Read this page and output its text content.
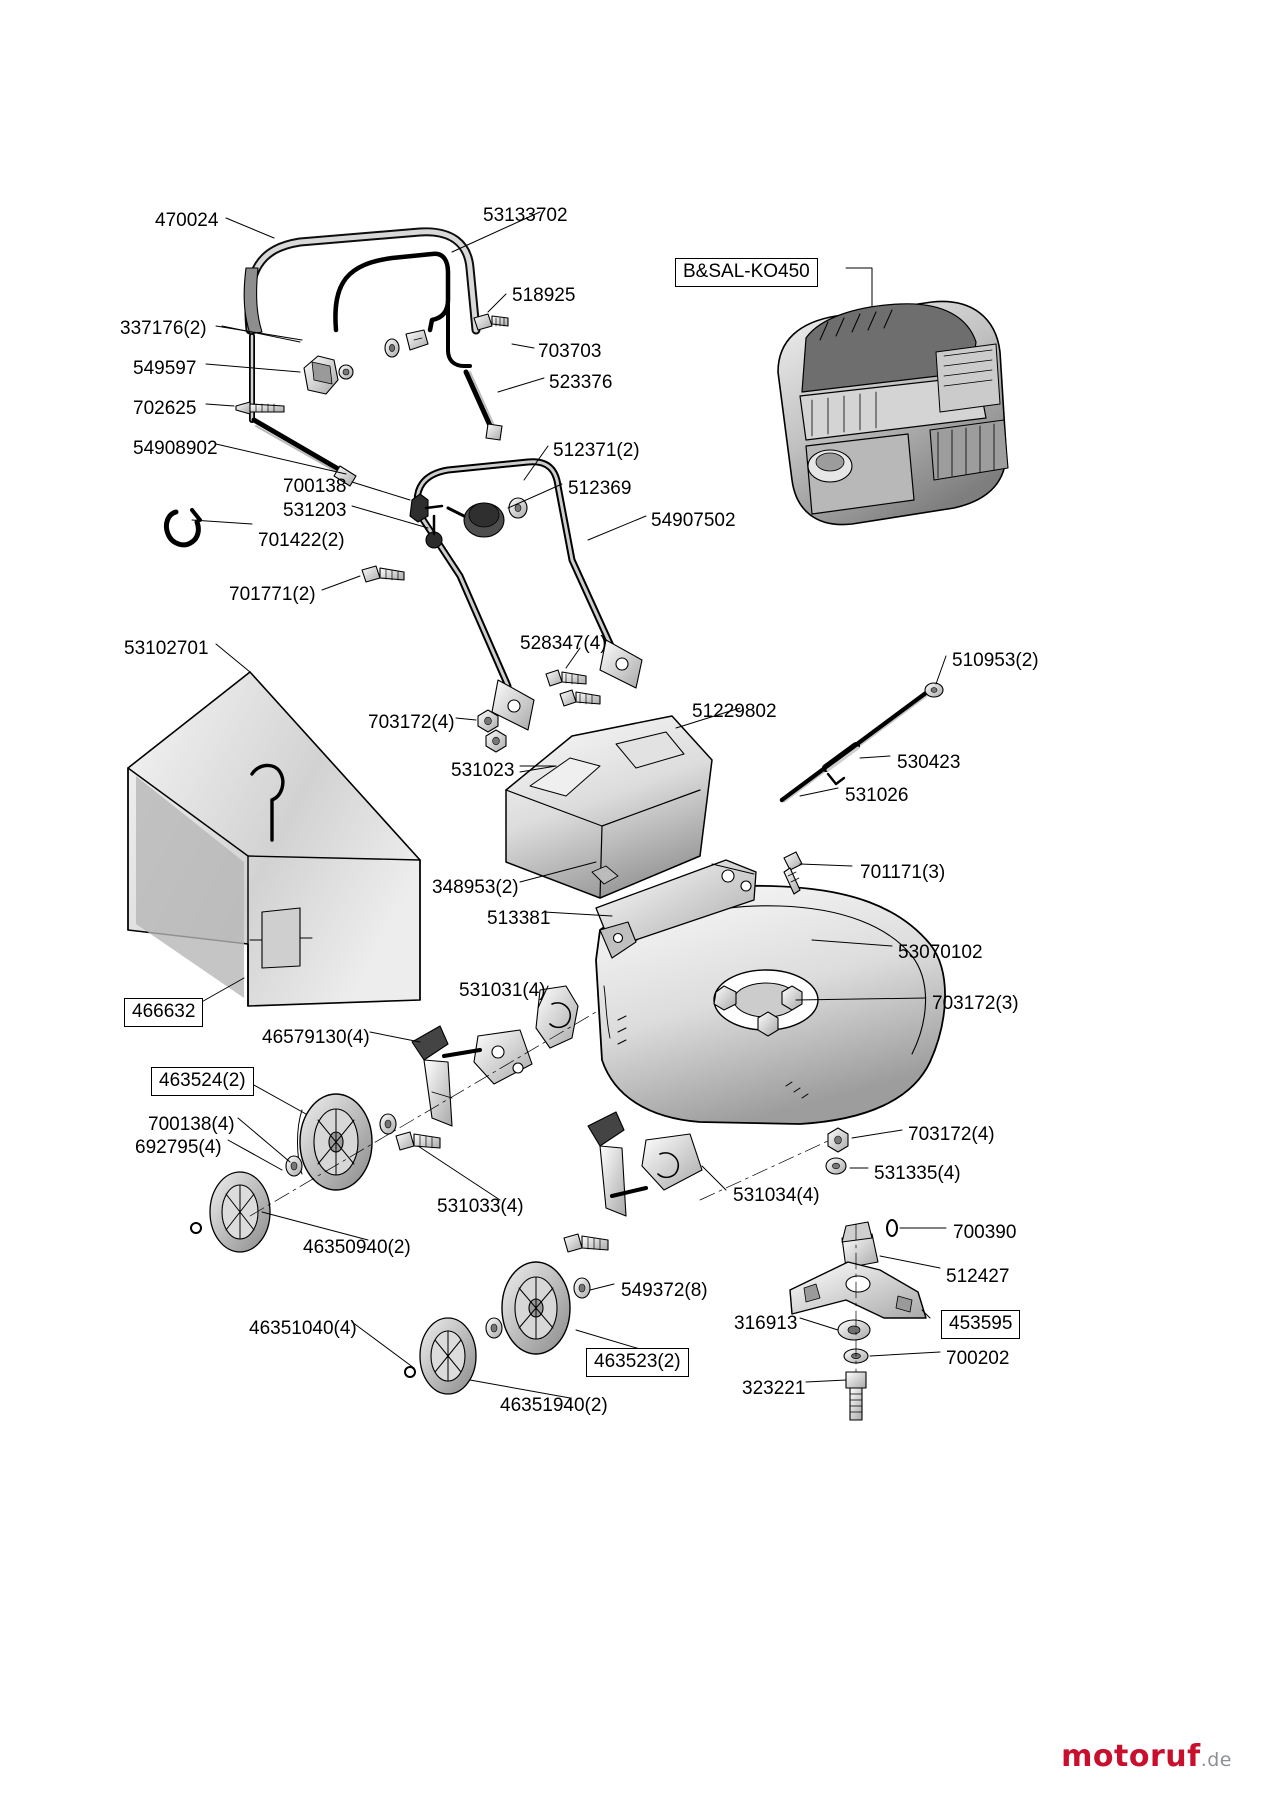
470024	53133702
B&SAL-KO450
518925
337176(2)
703703
549597
523376
702625
54908902	512371(2)
700138	512369
531203	54907502
701422(2)
701771(2)
53102701	528347(4)
510953(2)
51229802
703172(4)
531023	530423
531026
701171(3)
348953(2)
513381
53070102
531031(4)
703172(3)
466632
46579130(4)
463524(2)
700138(4)
692795(4)
703172(4)
531335(4)
531033(4)
531034(4)
46350940(2)
700390
512427
549372(8)
46351040(4)	316913	453595
463523(2)	700202
323221
46351940(2)
motoruf.de
